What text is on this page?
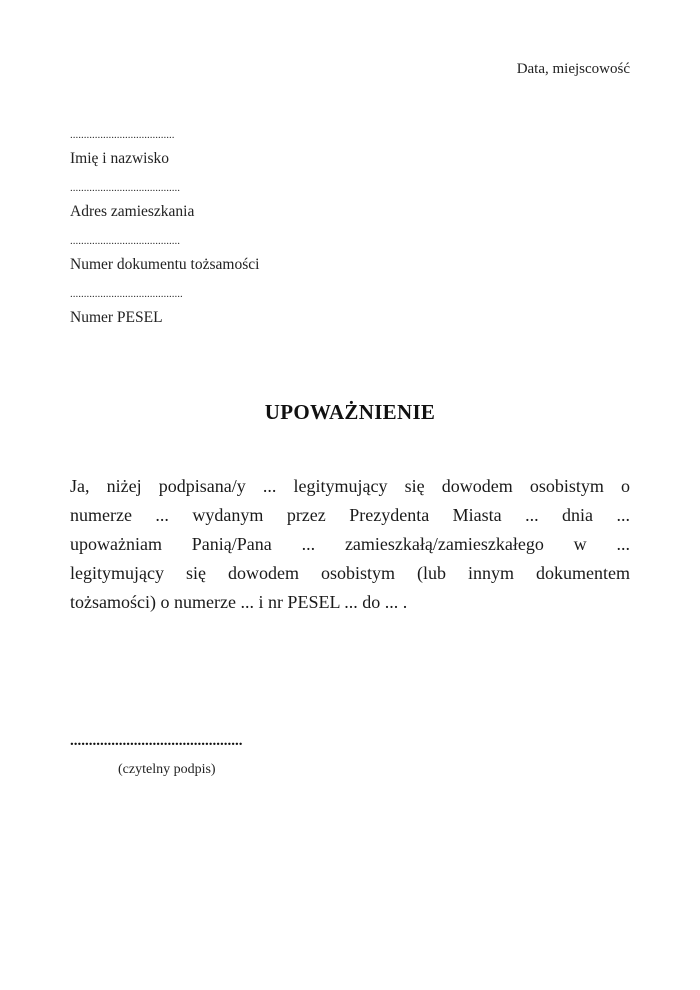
Data, miejscowość
......................................
Imię i nazwisko
........................................
Adres zamieszkania
........................................
Numer dokumentu tożsamości
.........................................
Numer PESEL
UPOWAŻNIENIE
Ja, niżej podpisana/y ... legitymujący się dowodem osobistym o
numerze ... wydanym przez Prezydenta Miasta ... dnia ...
upoważniam Panią/Pana ... zamieszkałą/zamieszkałego w ...
legitymujący się dowodem osobistym (lub innym dokumentem
tożsamości) o numerze ... i nr PESEL ... do ... .
..............................................
(czytelny podpis)
